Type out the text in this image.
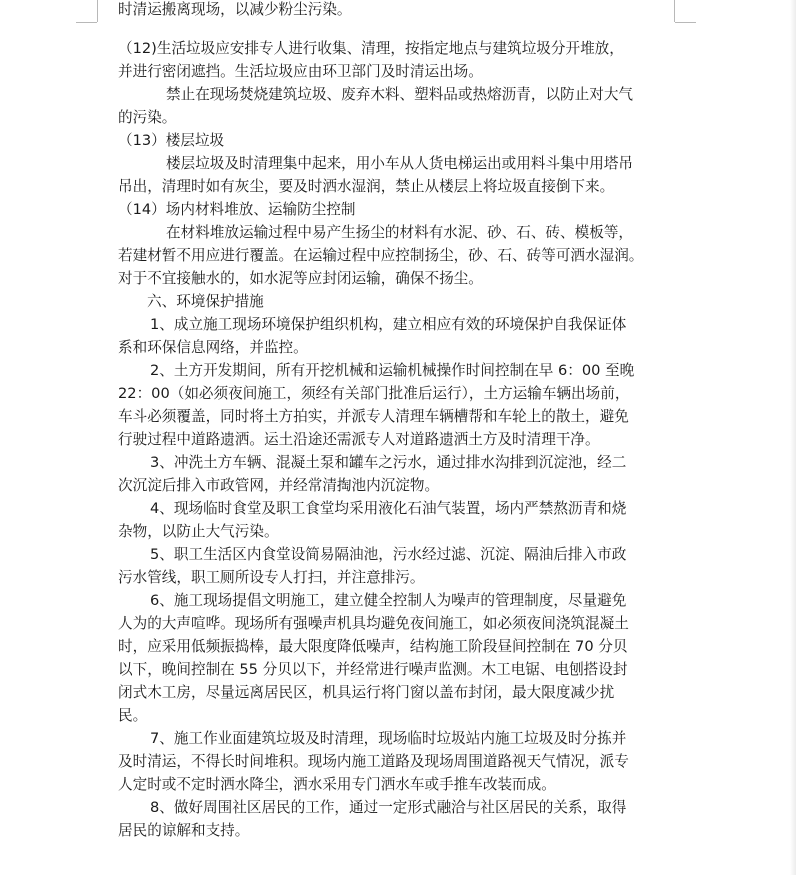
时清运搬离现场，以减少粉尘污染。
（12)生活垃圾应安排专人进行收集、清理，按指定地点与建筑垃圾分开堆放，
并进行密闭遮挡。生活垃圾应由环卫部门及时清运出场。
禁止在现场焚烧建筑垃圾、废弃木料、塑料品或热熔沥青，以防止对大气
的污染。
（13）楼层垃圾
楼层垃圾及时清理集中起来，用小车从人货电梯运出或用料斗集中用塔吊
吊出，清理时如有灰尘，要及时洒水湿润，禁止从楼层上将垃圾直接倒下来。
（14）场内材料堆放、运输防尘控制
在材料堆放运输过程中易产生扬尘的材料有水泥、砂、石、砖、模板等，
若建材暂不用应进行覆盖。在运输过程中应控制扬尘，砂、石、砖等可洒水湿润。
对于不宜接触水的，如水泥等应封闭运输，确保不扬尘。
六、环境保护措施
1、成立施工现场环境保护组织机构，建立相应有效的环境保护自我保证体
系和环保信息网络，并监控。
2、土方开发期间，所有开挖机械和运输机械操作时间控制在早 6：00 至晚
22：00（如必须夜间施工，须经有关部门批准后运行），土方运输车辆出场前，
车斗必须覆盖，同时将土方拍实，并派专人清理车辆槽帮和车轮上的散土，避免
行驶过程中道路遗洒。运土沿途还需派专人对道路遗洒土方及时清理干净。
3、冲洗土方车辆、混凝土泵和罐车之污水，通过排水沟排到沉淀池，经二
次沉淀后排入市政管网，并经常清掏池内沉淀物。
4、现场临时食堂及职工食堂均采用液化石油气装置，场内严禁熬沥青和烧
杂物，以防止大气污染。
5、职工生活区内食堂设简易隔油池，污水经过滤、沉淀、隔油后排入市政
污水管线，职工厕所设专人打扫，并注意排污。
6、施工现场提倡文明施工，建立健全控制人为噪声的管理制度，尽量避免
人为的大声喧哗。现场所有强噪声机具均避免夜间施工，如必须夜间浇筑混凝土
时，应采用低频振捣棒，最大限度降低噪声，结构施工阶段昼间控制在 70 分贝
以下，晚间控制在 55 分贝以下，并经常进行噪声监测。木工电锯、电刨搭设封
闭式木工房，尽量远离居民区，机具运行将门窗以盖布封闭，最大限度减少扰
民。
7、施工作业面建筑垃圾及时清理，现场临时垃圾站内施工垃圾及时分拣并
及时清运，不得长时间堆积。现场内施工道路及现场周围道路视天气情况，派专
人定时或不定时洒水降尘，洒水采用专门洒水车或手推车改装而成。
8、做好周围社区居民的工作，通过一定形式融洽与社区居民的关系，取得
居民的谅解和支持。
